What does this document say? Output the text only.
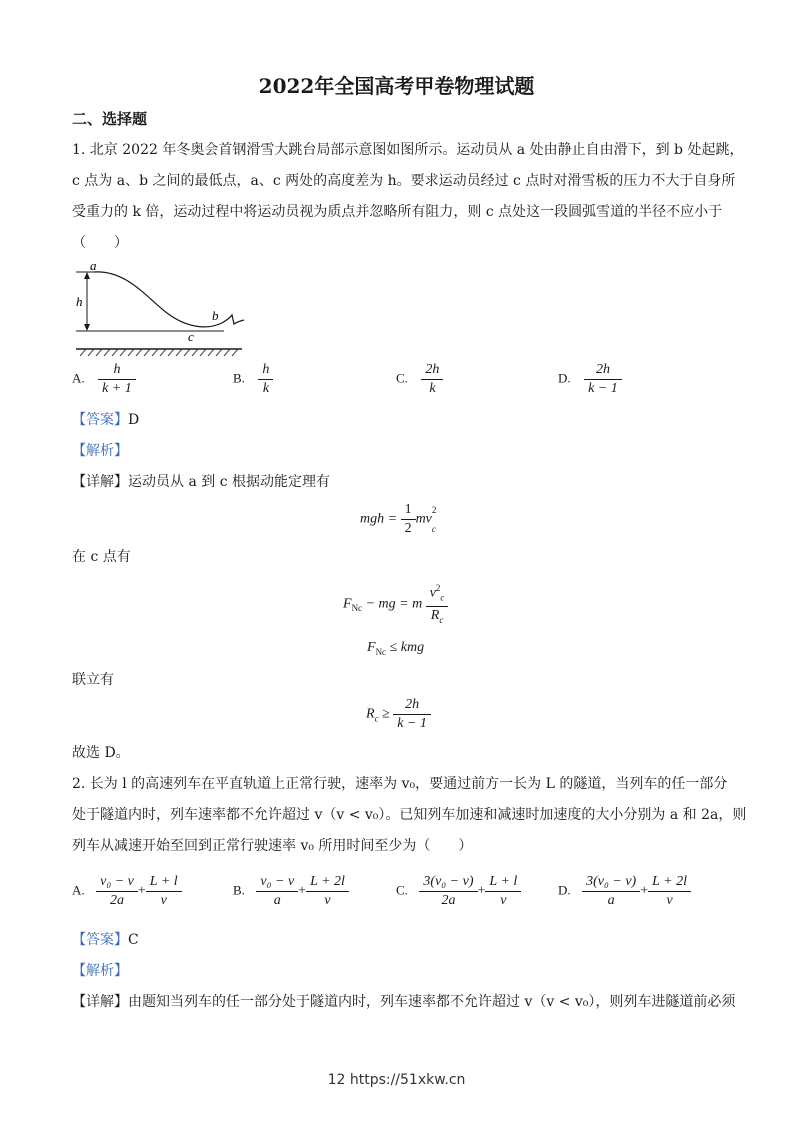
2022年全国高考甲卷物理试题
二、选择题
1. 北京 2022 年冬奥会首钢滑雪大跳台局部示意图如图所示。运动员从 a 处由静止自由滑下，到 b 处起跳，
c 点为 a、b 之间的最低点，a、c 两处的高度差为 h。要求运动员经过 c 点时对滑雪板的压力不大于自身所
受重力的 k 倍，运动过程中将运动员视为质点并忽略所有阻力，则 c 点处这一段圆弧雪道的半径不应小于
（　　）
a
h
b
c
A. $\frac{h}{k + 1}$	B. $\frac{h}{k}$	C. $\frac{2h}{k}$	D. $\frac{2h}{k - 1}$
【答案】D
【解析】
【详解】运动员从 a 到 c 根据动能定理有
mgh = $\frac{1}{2} mv^2$
$_c$
在 c 点有
$F_{Nc}$ − mg = m $\frac{v^2_c}{R_c}$
$F_{Nc}$ ≤ kmg
联立有
$R_c \ge \frac{2h}{k - 1}$
故选 D。
2. 长为 l 的高速列车在平直轨道上正常行驶，速率为 v₀，要通过前方一长为 L 的隧道，当列车的任一部分
处于隧道内时，列车速率都不允许超过 v（v < v₀）。已知列车加速和减速时加速度的大小分别为 a 和 2a，则
列车从减速开始至回到正常行驶速率 v₀ 所用时间至少为（　　）
A. $\frac{\text{v₀ − v}}{2a} + \frac{L + l}{v}$	B. $\frac{\text{v₀ − v}}{a} + \frac{L + 2l}{v}$	C. $\frac{\text{3(v₀ − v)}}{2a} + \frac{L + l}{v}$	D. $\frac{\text{3(v₀ − v)}}{a} + \frac{L + 2l}{v}$
【答案】C
【解析】
【详解】由题知当列车的任一部分处于隧道内时，列车速率都不允许超过 v（v < v₀），则列车进隧道前必须
12 https://51xkw.cn
